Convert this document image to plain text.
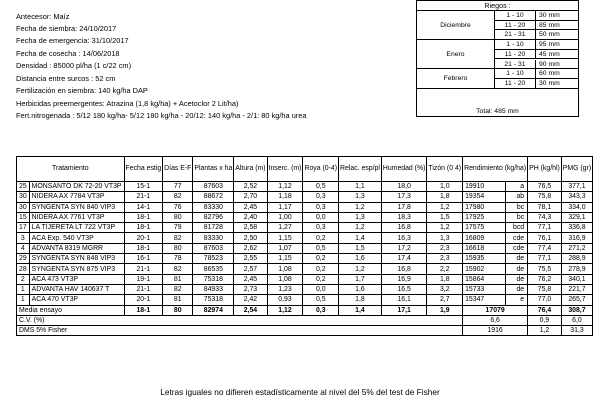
Antecesor: Maíz
Fecha de siembra: 24/10/2017
Fecha de emergencia: 31/10/2017
Fecha de cosecha : 14/06/2018
Densidad : 85000 pl/ha (1 c/22 cm)
Distancia entre surcos : 52 cm
Fertilización en siembra: 140 kg/ha DAP
Herbicidas preemergentes: Atrazina (1,8 kg/ha) + Acetoclor 2 Lit/ha)
Fert.nitrogenada : 5/12 180 kg/ha- 5/12 180 kg/ha - 20/12: 140 kg/ha - 2/1: 80 kg/ha urea
Riegos :
Diciembre
1 - 10	30 mm
11 - 20	85 mm
21 - 31	50 mm
Enero
1 - 10	95 mm
11 - 20	45 mm
21 - 31	90 mm
Febrero
1 - 10	60 mm
11 - 20	30 mm
Total: 485 mm
Tratamiento		Fecha estig	Días E-F	Plantas x ha	Altura (m)	Inserc. (m)	Roya (0-4)	Relac. esp/pl	Humedad (%)	Tizón (0 4)	Rendimiento (kg/ha)		PH (kg/hl)	PMG (gr)
25	MONSANTO DK 72-20 VT3P	15-1	77	87603	2,52	1,12	0,5	1,1	18,0	1,0	19910	a	76,5	377,1
30	NIDERA AX 7784 VT3P	21-1	82	88672	2,70	1,18	0,3	1,3	17,3	1,8	19354	ab	75,8	343,3
30	SYNGENTA SYN 840 VIP3	14-1	76	83330	2,45	1,17	0,3	1,2	17,8	1,2	17980	bc	78,1	334,0
15	NIDERA AX 7761 VT3P	18-1	80	82796	2,40	1,00	0,0	1,3	18,3	1,5	17925	bc	74,3	329,1
17	LA TIJERETA LT 722 VT3P	18-1	79	81728	2,58	1,27	0,3	1,2	16,8	1,2	17575	bcd	77,1	336,8
3	ACA Exp. 540 VT3P	20-1	82	83330	2,50	1,15	0,2	1,4	16,3	1,3	16809	cde	76,1	316,9
4	ADVANTA 8319 MGRR	18-1	80	87603	2,62	1,07	0,5	1,5	17,2	2,3	16618	cde	77,4	271,2
29	SYNGENTA SYN 848 VIP3	16-1	78	78523	2,55	1,15	0,2	1,6	17,4	2,3	15935	de	77,1	288,9
28	SYNGENTA SYN 875 VIP3	21-1	82	86535	2,57	1,08	0,2	1,2	16,8	2,2	15902	de	75,5	278,9
2	ACA 473 VT3P	19-1	81	75318	2,45	1,08	0,2	1,7	16,9	1,8	15864	de	76,2	340,1
1	ADVANTA HAV 140637 T	21-1	82	84933	2,73	1,23	0,0	1,6	16,5	3,2	15733	de	75,8	221,7
1	ACA 470 VT3P	20-1	81	75318	2,42	0,93	0,5	1,8	16,1	2,7	15347	e	77,0	265,7
Media ensayo		18-1	80	82974	2,54	1,12	0,3	1,4	17,1	1,9	17079		76,4	308,7
C.V. (%)											6,6		0,9	6,0
DMS 5% Fisher											1916		1,2	31,3
Letras iguales no difieren estadísticamente al nivel del 5% del test de Fisher
